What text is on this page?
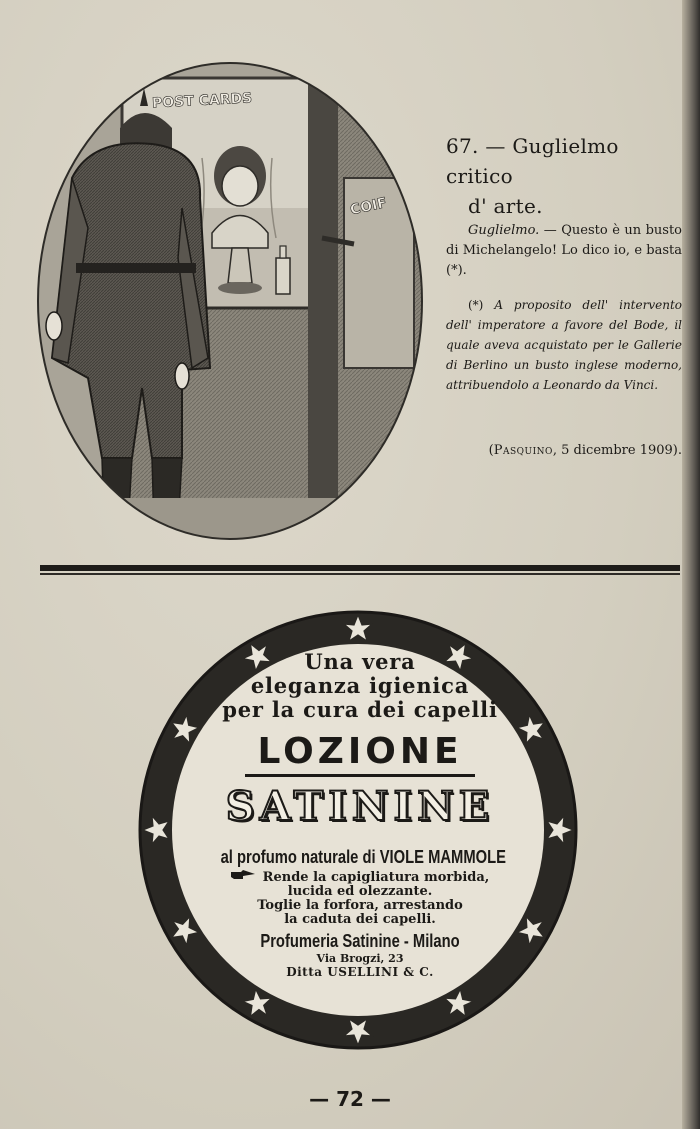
POST CARDS
COIF
67. — Guglielmo critico
d' arte.
Guglielmo. — Questo è un busto di Michelangelo! Lo dico io, e basta (*).
(*) A proposito dell' intervento dell' imperatore a favore del Bode, il quale aveva acquistato per le Gallerie di Berlino un busto inglese moderno, attribuendolo a Leonardo da Vinci.
(Pasquino, 5 dicembre 1909).
Una vera
eleganza igienica
per la cura dei capelli
LOZIONE
SATININE
al profumo naturale di VIOLE MAMMOLE
Rende la capigliatura morbida,
lucida ed olezzante.
Toglie la forfora, arrestando
la caduta dei capelli.
Profumeria Satinine - Milano
Via Brogzi, 23
Ditta USELLINI & C.
— 72 —
